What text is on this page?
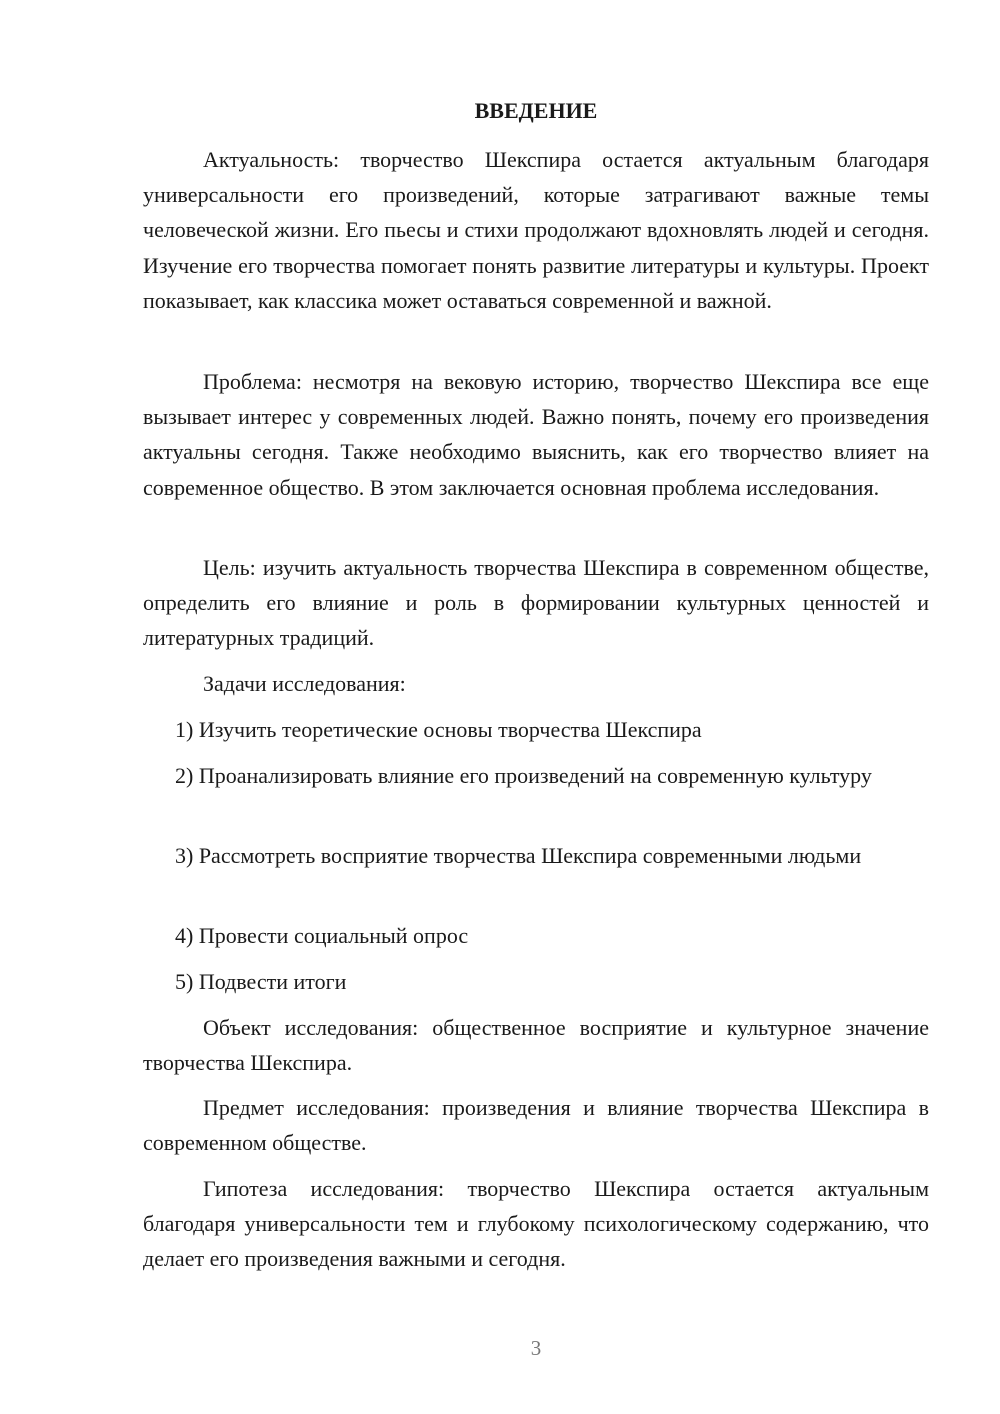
ВВЕДЕНИЕ

Актуальность: творчество Шекспира остается актуальным благодаря универсальности его произведений, которые затрагивают важные темы человеческой жизни. Его пьесы и стихи продолжают вдохновлять людей и сегодня. Изучение его творчества помогает понять развитие литературы и культуры. Проект показывает, как классика может оставаться современной и важной.

Проблема: несмотря на вековую историю, творчество Шекспира все еще вызывает интерес у современных людей. Важно понять, почему его произведения актуальны сегодня. Также необходимо выяснить, как его творчество влияет на современное общество. В этом заключается основная проблема исследования.

Цель: изучить актуальность творчества Шекспира в современном обществе, определить его влияние и роль в формировании культурных ценностей и литературных традиций.

Задачи исследования:

1) Изучить теоретические основы творчества Шекспира

2) Проанализировать влияние его произведений на современную культуру

3) Рассмотреть восприятие творчества Шекспира современными людьми

4) Провести социальный опрос

5) Подвести итоги

Объект исследования: общественное восприятие и культурное значение творчества Шекспира.

Предмет исследования: произведения и влияние творчества Шекспира в современном обществе.

Гипотеза исследования: творчество Шекспира остается актуальным благодаря универсальности тем и глубокому психологическому содержанию, что делает его произведения важными и сегодня.

3
